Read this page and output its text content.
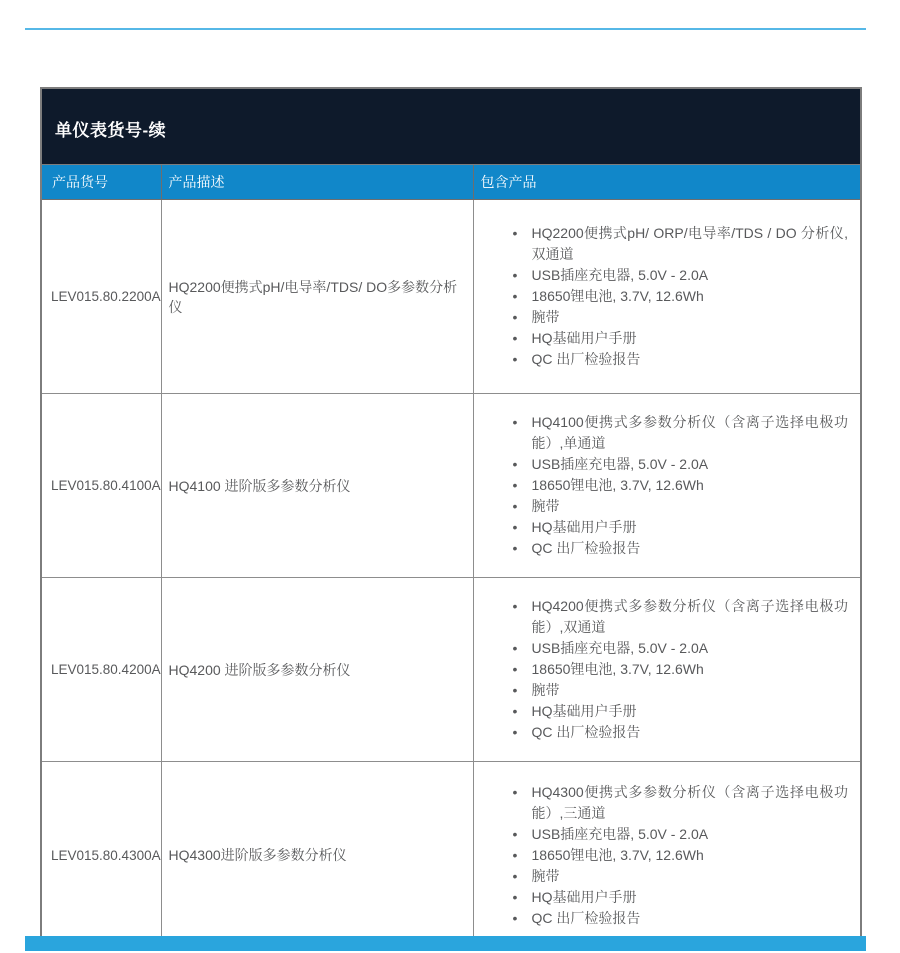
单仪表货号-续		
产品货号	产品描述	包含产品
LEV015.80.2200A	HQ2200便携式pH/电导率/TDS/ DO多参数分析仪	
• HQ2200便携式pH/ ORP/电导率/TDS / DO 分析仪,双通道
• USB插座充电器, 5.0V - 2.0A
• 18650锂电池, 3.7V, 12.6Wh
• 腕带
• HQ基础用户手册
• QC 出厂检验报告

LEV015.80.4100A	HQ4100 进阶版多参数分析仪	
• HQ4100便携式多参数分析仪（含离子选择电极功能）,单通道
• USB插座充电器, 5.0V - 2.0A
• 18650锂电池, 3.7V, 12.6Wh
• 腕带
• HQ基础用户手册
• QC 出厂检验报告

LEV015.80.4200A	HQ4200 进阶版多参数分析仪	
• HQ4200便携式多参数分析仪（含离子选择电极功能）,双通道
• USB插座充电器, 5.0V - 2.0A
• 18650锂电池, 3.7V, 12.6Wh
• 腕带
• HQ基础用户手册
• QC 出厂检验报告

LEV015.80.4300A	HQ4300进阶版多参数分析仪	
• HQ4300便携式多参数分析仪（含离子选择电极功能）,三通道
• USB插座充电器, 5.0V - 2.0A
• 18650锂电池, 3.7V, 12.6Wh
• 腕带
• HQ基础用户手册
• QC 出厂检验报告
